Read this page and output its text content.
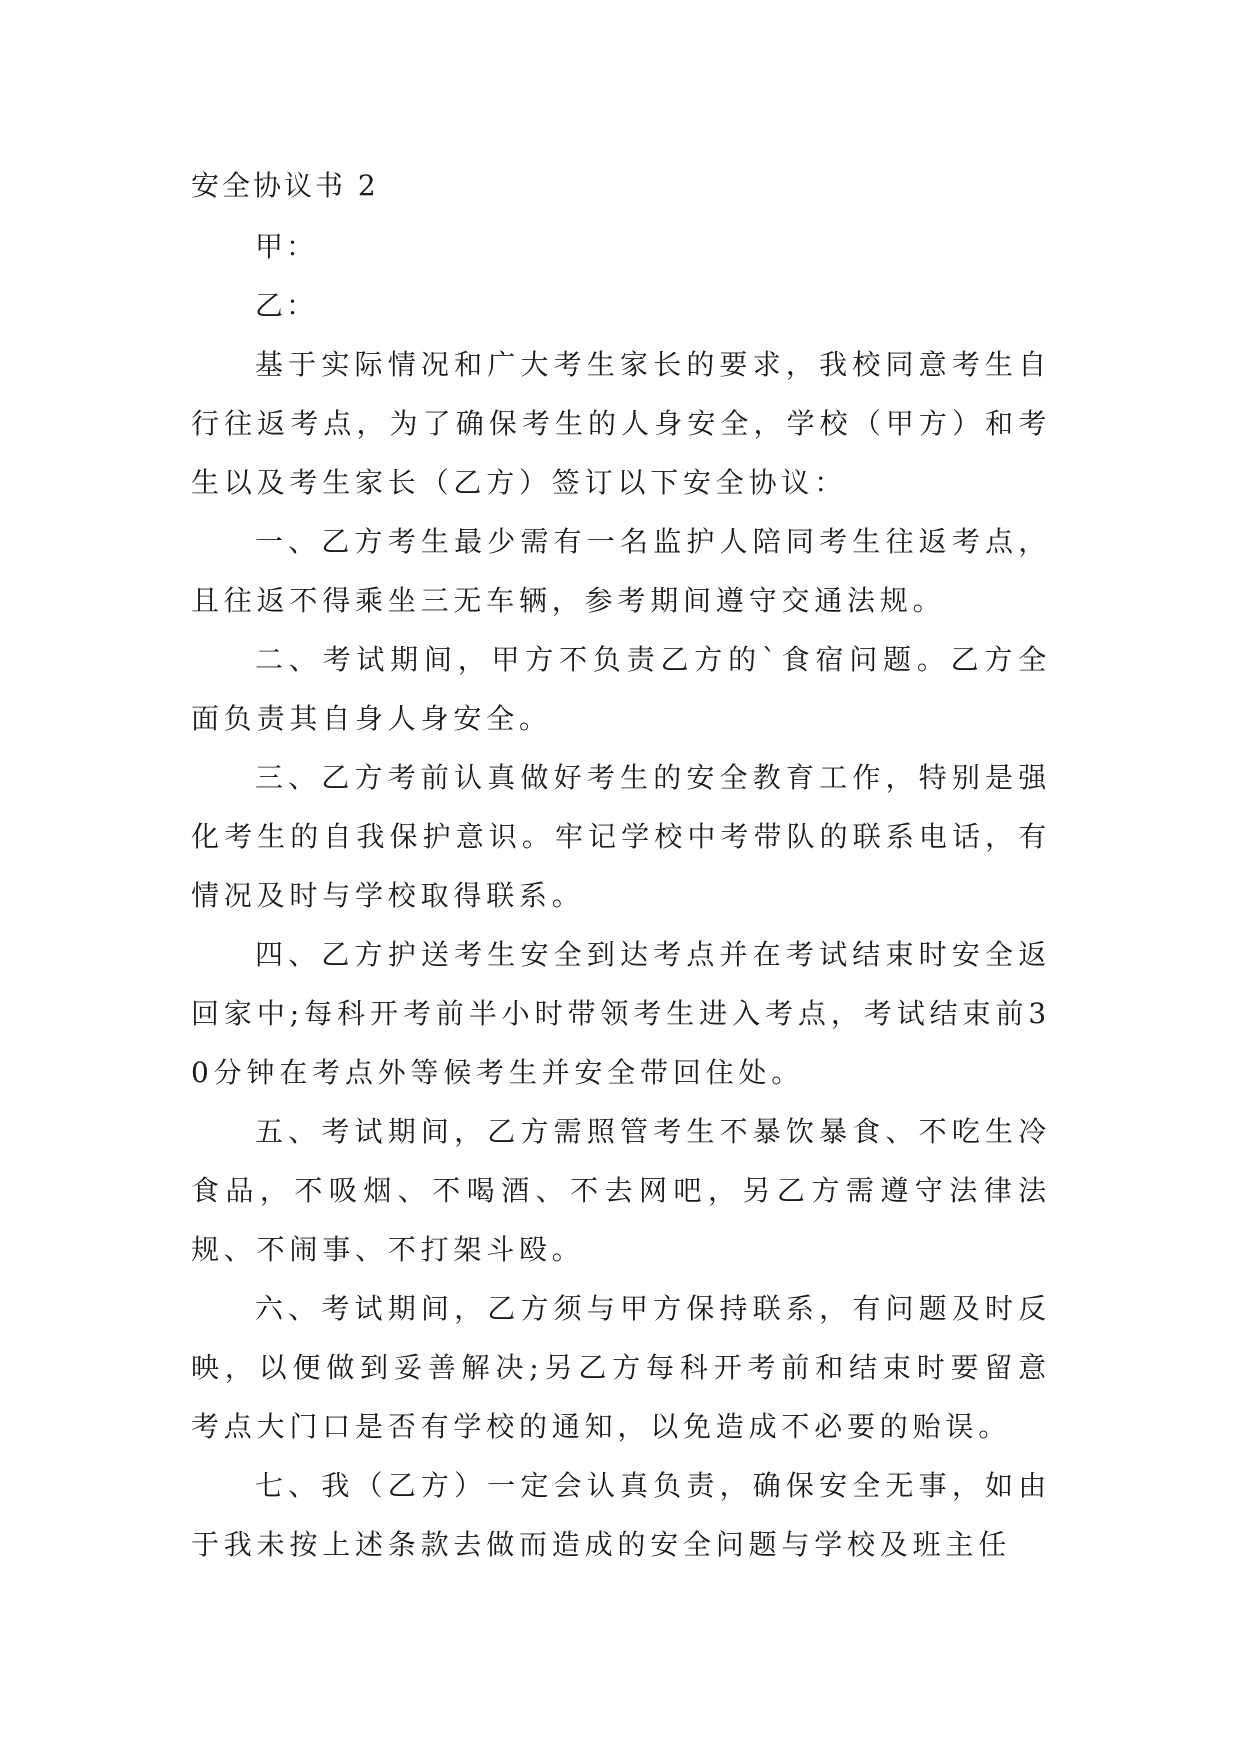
安全协议书 2

甲：

乙：

基于实际情况和广大考生家长的要求，我校同意考生自行往返考点，为了确保考生的人身安全，学校（甲方）和考生以及考生家长（乙方）签订以下安全协议：

一、乙方考生最少需有一名监护人陪同考生往返考点，且往返不得乘坐三无车辆，参考期间遵守交通法规。

二、考试期间，甲方不负责乙方的`食宿问题。乙方全面负责其自身人身安全。

三、乙方考前认真做好考生的安全教育工作，特别是强化考生的自我保护意识。牢记学校中考带队的联系电话，有情况及时与学校取得联系。

四、乙方护送考生安全到达考点并在考试结束时安全返回家中;每科开考前半小时带领考生进入考点，考试结束前30分钟在考点外等候考生并安全带回住处。

五、考试期间，乙方需照管考生不暴饮暴食、不吃生冷食品，不吸烟、不喝酒、不去网吧，另乙方需遵守法律法规、不闹事、不打架斗殴。

六、考试期间，乙方须与甲方保持联系，有问题及时反映，以便做到妥善解决;另乙方每科开考前和结束时要留意考点大门口是否有学校的通知，以免造成不必要的贻误。

七、我（乙方）一定会认真负责，确保安全无事，如由于我未按上述条款去做而造成的安全问题与学校及班主任
